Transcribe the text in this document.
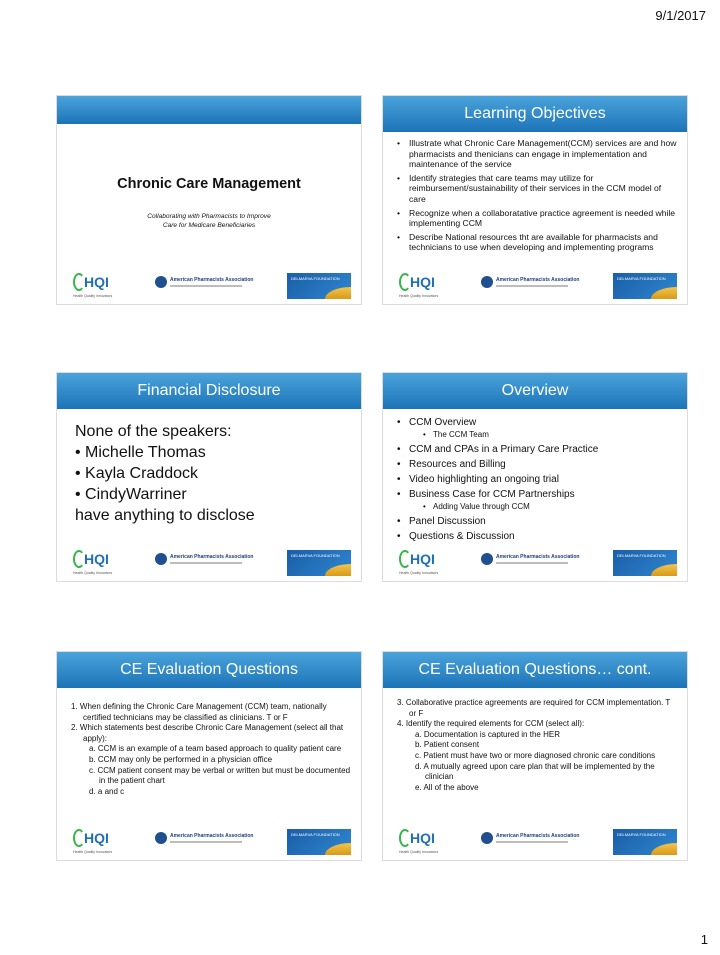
9/1/2017
Chronic Care Management
Collaborating with Pharmacists to Improve
Care for Medicare Beneficiaries
HQI
Health Quality Innovators
American Pharmacists Association	DELMARVA FOUNDATION
Learning Objectives
• Illustrate what Chronic Care Management(CCM) services are and how pharmacists and thenicians can engage in implementation and maintenance of the service
• Identify strategies that care teams may utilize for reimbursement/sustainability of their services in the CCM model of care
• Recognize when a collaboratative practice agreement is needed while implementing CCM
• Describe National resources tht are available for pharmacists and technicians to use when developing and implementing programs
HQI
Health Quality Innovators
American Pharmacists Association	DELMARVA FOUNDATION
Financial Disclosure
None of the speakers:
• Michelle Thomas
• Kayla Craddock
• CindyWarriner
have anything to disclose
HQI
Health Quality Innovators
American Pharmacists Association	DELMARVA FOUNDATION
Overview
• CCM Overview
• The CCM Team
• CCM and CPAs in a Primary Care Practice
• Resources and Billing
• Video highlighting an ongoing trial
• Business Case for CCM Partnerships
• Adding Value through CCM
• Panel Discussion
• Questions & Discussion
HQI
Health Quality Innovators
American Pharmacists Association	DELMARVA FOUNDATION
CE Evaluation Questions
1. When defining the Chronic Care Management (CCM) team, nationally certified technicians may be classified as clinicians. T or F
2. Which statements best describe Chronic Care Management (select all that apply):
a. CCM is an example of a team based approach to quality patient care
b. CCM may only be performed in a physician office
c. CCM patient consent may be verbal or written but must be documented in the patient chart
d. a and c
HQI
Health Quality Innovators
American Pharmacists Association	DELMARVA FOUNDATION
CE Evaluation Questions… cont.
3. Collaborative practice agreements are required for CCM implementation. T or F
4. Identify the required elements for CCM (select all):
a. Documentation is captured in the HER
b. Patient consent
c. Patient must have two or more diagnosed chronic care conditions
d. A mutually agreed upon care plan that will be implemented by the clinician
e. All of the above
HQI
Health Quality Innovators
American Pharmacists Association	DELMARVA FOUNDATION
1
